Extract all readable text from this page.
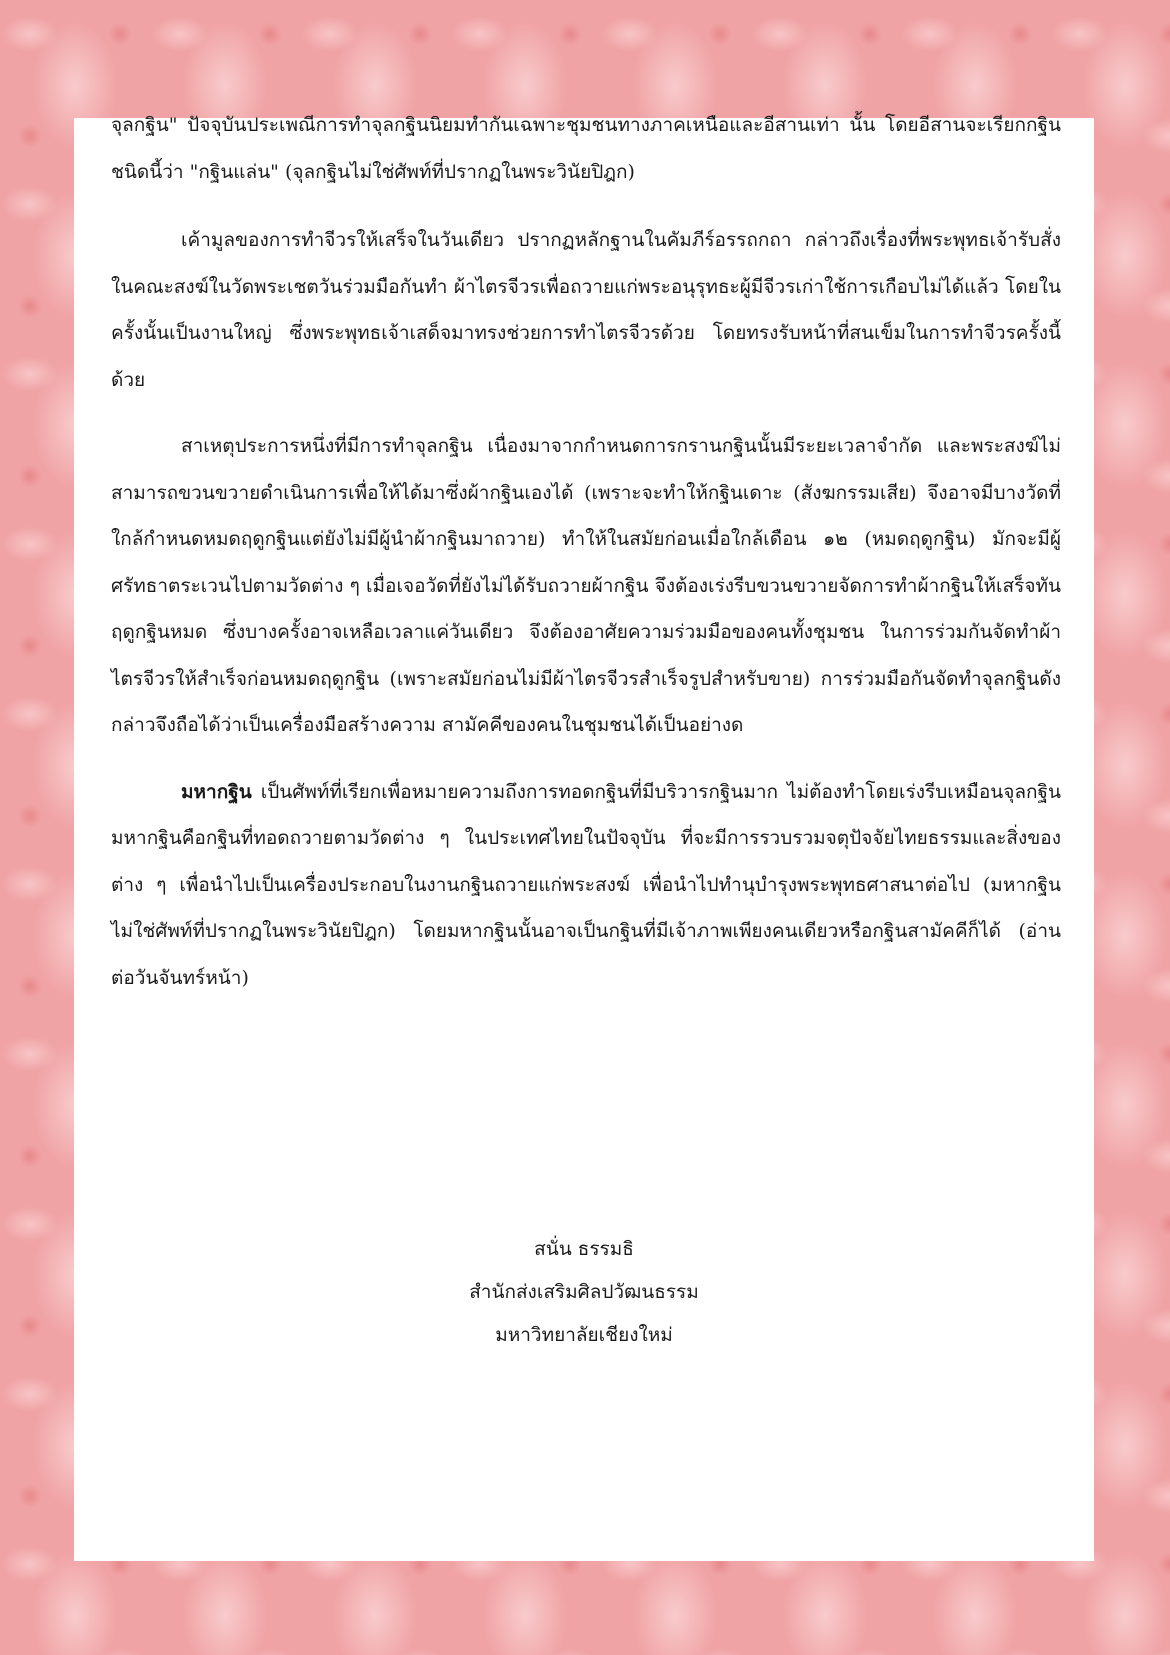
จุลกฐิน" ปัจจุบันประเพณีการทำจุลกฐินนิยมทำกันเฉพาะชุมชนทางภาคเหนือและอีสานเท่า นั้น โดยอีสานจะเรียกกฐินชนิดนี้ว่า "กฐินแล่น" (จุลกฐินไม่ใช่ศัพท์ที่ปรากฏในพระวินัยปิฎก)

เค้ามูลของการทำจีวรให้เสร็จในวันเดียว ปรากฏหลักฐานในคัมภีร์อรรถกถา กล่าวถึงเรื่องที่พระพุทธเจ้ารับสั่งในคณะสงฆ์ในวัดพระเชตวันร่วมมือกันทำ ผ้าไตรจีวรเพื่อถวายแก่พระอนุรุทธะผู้มีจีวรเก่าใช้การเกือบไม่ได้แล้ว โดยในครั้งนั้นเป็นงานใหญ่ ซึ่งพระพุทธเจ้าเสด็จมาทรงช่วยการทำไตรจีวรด้วย โดยทรงรับหน้าที่สนเข็มในการทำจีวรครั้งนี้ด้วย

สาเหตุประการหนึ่งที่มีการทำจุลกฐิน เนื่องมาจากกำหนดการกรานกฐินนั้นมีระยะเวลาจำกัด และพระสงฆ์ไม่สามารถขวนขวายดำเนินการเพื่อให้ได้มาซึ่งผ้ากฐินเองได้ (เพราะจะทำให้กฐินเดาะ (สังฆกรรมเสีย) จึงอาจมีบางวัดที่ใกล้กำหนดหมดฤดูกฐินแต่ยังไม่มีผู้นำผ้ากฐินมาถวาย) ทำให้ในสมัยก่อนเมื่อใกล้เดือน ๑๒ (หมดฤดูกฐิน) มักจะมีผู้ศรัทธาตระเวนไปตามวัดต่าง ๆ เมื่อเจอวัดที่ยังไม่ได้รับถวายผ้ากฐิน จึงต้องเร่งรีบขวนขวายจัดการทำผ้ากฐินให้เสร็จทันฤดูกฐินหมด ซึ่งบางครั้งอาจเหลือเวลาแค่วันเดียว จึงต้องอาศัยความร่วมมือของคนทั้งชุมชน ในการร่วมกันจัดทำผ้าไตรจีวรให้สำเร็จก่อนหมดฤดูกฐิน (เพราะสมัยก่อนไม่มีผ้าไตรจีวรสำเร็จรูปสำหรับขาย) การร่วมมือกันจัดทำจุลกฐินดังกล่าวจึงถือได้ว่าเป็นเครื่องมือสร้างความ สามัคคีของคนในชุมชนได้เป็นอย่างด

มหากฐิน เป็นศัพท์ที่เรียกเพื่อหมายความถึงการทอดกฐินที่มีบริวารกฐินมาก ไม่ต้องทำโดยเร่งรีบเหมือนจุลกฐิน มหากฐินคือกฐินที่ทอดถวายตามวัดต่าง ๆ ในประเทศไทยในปัจจุบัน ที่จะมีการรวบรวมจตุปัจจัยไทยธรรมและสิ่งของต่าง ๆ เพื่อนำไปเป็นเครื่องประกอบในงานกฐินถวายแก่พระสงฆ์ เพื่อนำไปทำนุบำรุงพระพุทธศาสนาต่อไป (มหากฐินไม่ใช่ศัพท์ที่ปรากฏในพระวินัยปิฎก) โดยมหากฐินนั้นอาจเป็นกฐินที่มีเจ้าภาพเพียงคนเดียวหรือกฐินสามัคคีก็ได้ (อ่านต่อวันจันทร์หน้า)

สนั่น ธรรมธิ
สำนักส่งเสริมศิลปวัฒนธรรม
มหาวิทยาลัยเชียงใหม่
